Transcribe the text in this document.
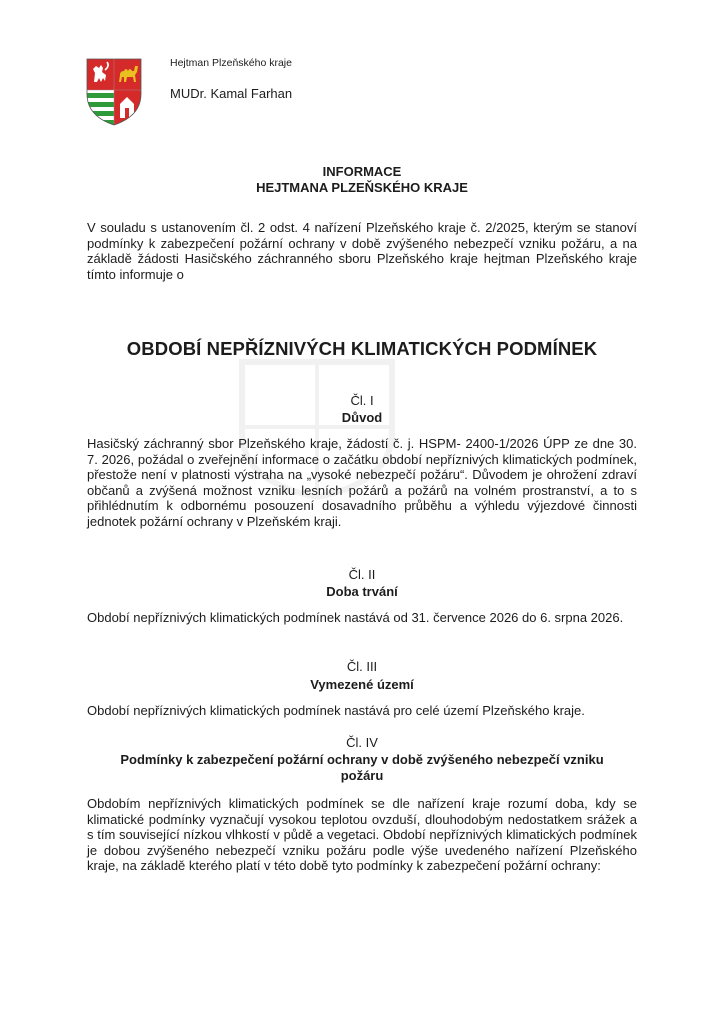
Hejtman Plzeňského kraje
MUDr. Kamal Farhan
INFORMACE
HEJTMANA PLZEŇSKÉHO KRAJE

V souladu s ustanovením čl. 2 odst. 4 nařízení Plzeňského kraje č. 2/2025, kterým se stanoví podmínky k zabezpečení požární ochrany v době zvýšeného nebezpečí vzniku požáru, a na základě žádosti Hasičského záchranného sboru Plzeňského kraje hejtman Plzeňského kraje tímto informuje o

OBDOBÍ NEPŘÍZNIVÝCH KLIMATICKÝCH PODMÍNEK
Čl. I
Důvod

Hasičský záchranný sbor Plzeňského kraje, žádostí č. j. HSPM- 2400-1/2026 ÚPP ze dne 30. 7. 2026, požádal o zveřejnění informace o začátku období nepříznivých klimatických podmínek, přestože není v platnosti výstraha na „vysoké nebezpečí požáru“. Důvodem je ohrožení zdraví občanů a zvýšená možnost vzniku lesních požárů a požárů na volném prostranství, a to s přihlédnutím k odbornému posouzení dosavadního průběhu a výhledu výjezdové činnosti jednotek požární ochrany v Plzeňském kraji.

Čl. II
Doba trvání

Období nepříznivých klimatických podmínek nastává od 31. července 2026 do 6. srpna 2026.

Čl. III
Vymezené území

Období nepříznivých klimatických podmínek nastává pro celé území Plzeňského kraje.

Čl. IV
Podmínky k zabezpečení požární ochrany v době zvýšeného nebezpečí vzniku požáru

Obdobím nepříznivých klimatických podmínek se dle nařízení kraje rozumí doba, kdy se klimatické podmínky vyznačují vysokou teplotou ovzduší, dlouhodobým nedostatkem srážek a s tím související nízkou vlhkostí v půdě a vegetaci. Období nepříznivých klimatických podmínek je dobou zvýšeného nebezpečí vzniku požáru podle výše uvedeného nařízení Plzeňského kraje, na základě kterého platí v této době tyto podmínky k zabezpečení požární ochrany:
